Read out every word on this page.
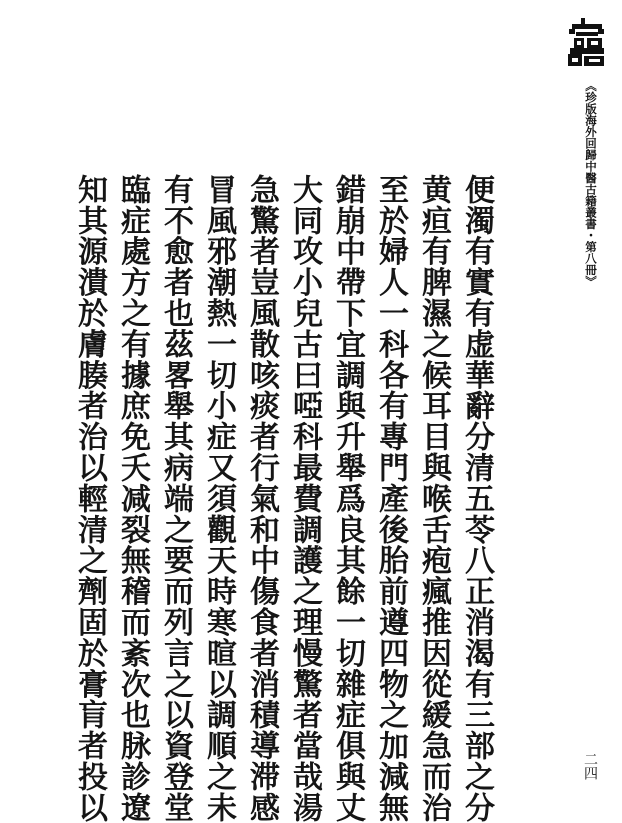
《珍版海外回歸中醫古籍叢書・第八冊》
便濁有實有虚華辭分清五苓八正消渴有三部之分
黄疸有脾濕之候耳目與喉舌疱瘋推因從緩急而治
至於婦人一科各有專門產後胎前遵四物之加減無
錯崩中帶下宜調與升舉爲良其餘一切雜症俱與丈
大同攻小兒古曰啞科最費調護之理慢驚者當哉湯
急驚者豈風散咳痰者行氣和中傷食者消積導滞感
冒風邪潮熱一切小症又須觀天時寒暄以調順之未
有不愈者也茲畧舉其病端之要而列言之以資登堂
臨症處方之有據庶免夭减裂無稽而紊次也脉診遼
知其源潰於膚腠者治以輕清之劑固於膏肓者投以	二四
